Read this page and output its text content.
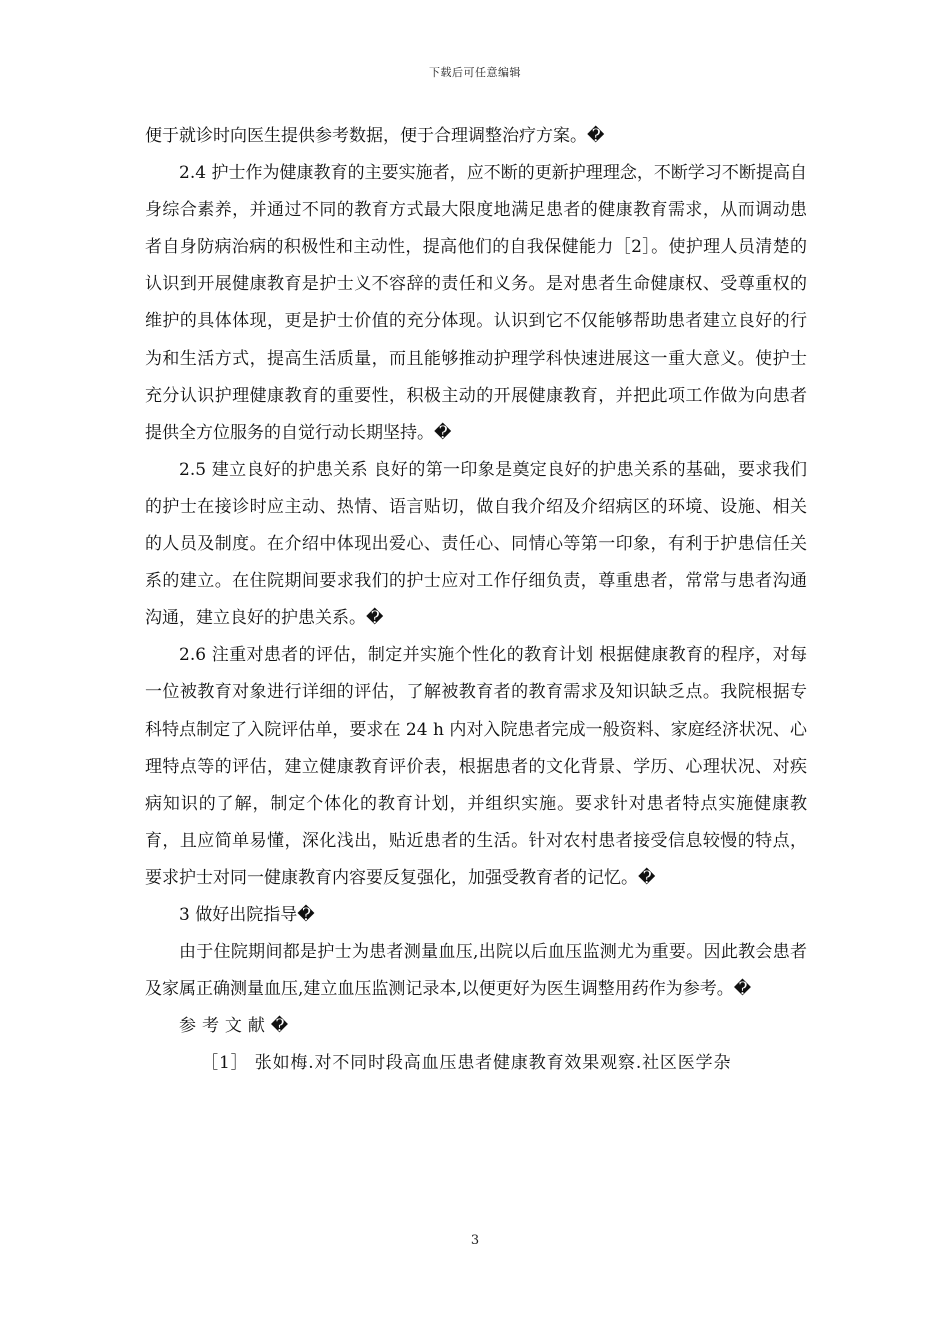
下载后可任意编辑

便于就诊时向医生提供参考数据，便于合理调整治疗方案。�

2.4 护士作为健康教育的主要实施者，应不断的更新护理理念，不断学习不断提高自身综合素养，并通过不同的教育方式最大限度地满足患者的健康教育需求，从而调动患者自身防病治病的积极性和主动性，提高他们的自我保健能力［2］。使护理人员清楚的认识到开展健康教育是护士义不容辞的责任和义务。是对患者生命健康权、受尊重权的维护的具体体现，更是护士价值的充分体现。认识到它不仅能够帮助患者建立良好的行为和生活方式，提高生活质量，而且能够推动护理学科快速进展这一重大意义。使护士充分认识护理健康教育的重要性，积极主动的开展健康教育，并把此项工作做为向患者提供全方位服务的自觉行动长期坚持。�

2.5 建立良好的护患关系 良好的第一印象是奠定良好的护患关系的基础，要求我们的护士在接诊时应主动、热情、语言贴切，做自我介绍及介绍病区的环境、设施、相关的人员及制度。在介绍中体现出爱心、责任心、同情心等第一印象，有利于护患信任关系的建立。在住院期间要求我们的护士应对工作仔细负责，尊重患者，常常与患者沟通沟通，建立良好的护患关系。�

2.6 注重对患者的评估，制定并实施个性化的教育计划 根据健康教育的程序，对每一位被教育对象进行详细的评估，了解被教育者的教育需求及知识缺乏点。我院根据专科特点制定了入院评估单，要求在 24 h 内对入院患者完成一般资料、家庭经济状况、心理特点等的评估，建立健康教育评价表，根据患者的文化背景、学历、心理状况、对疾病知识的了解，制定个体化的教育计划，并组织实施。要求针对患者特点实施健康教育，且应简单易懂，深化浅出，贴近患者的生活。针对农村患者接受信息较慢的特点，要求护士对同一健康教育内容要反复强化，加强受教育者的记忆。�

3 做好出院指导�

由于住院期间都是护士为患者测量血压,出院以后血压监测尤为重要。因此教会患者及家属正确测量血压,建立血压监测记录本,以便更好为医生调整用药作为参考。�

参考文献�

［1］ 张如梅.对不同时段高血压患者健康教育效果观察.社区医学杂

3
